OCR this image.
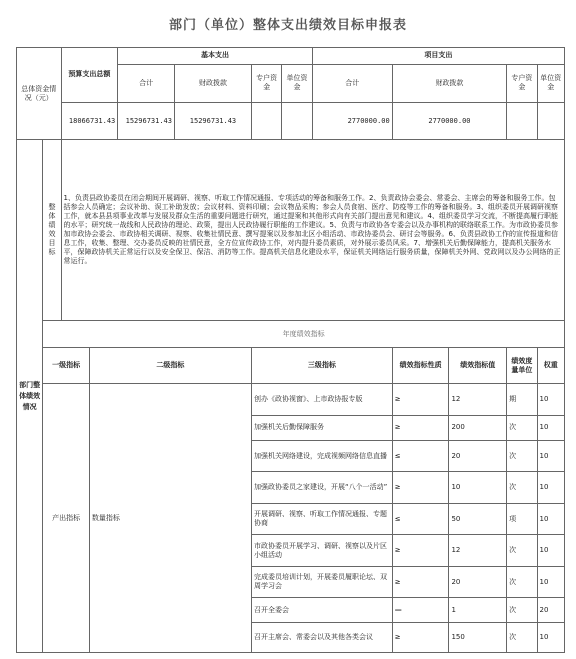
部门（单位）整体支出绩效目标申报表
总体资金情况（元）		预算支出总额		基本支出				项目支出				
				合计	财政拨款	专户资金	单位资金	合计	财政拨款		专户资金	单位资金
		18066731.43		15296731.43	15296731.43			2770000.00	2770000.00			
部门整体绩效情况	整体绩效目标	1、负责县政协委员在闭会期间开展调研、视察、听取工作情况通报、专项活动的筹备和服务工作。2、负责政协会委会、常委会、主席会的筹备和服务工作。包括参会人员确定；会议补助、误工补助发放；会议材料、资料印刷；会议物品采购；参会人员食宿、医疗、防疫等工作的筹备和服务。3、组织委员开展调研视察工作，就本县县项事业改革与发展及群众生活的重要问题进行研究，通过提案和其他形式向有关部门提出意见和建议。4、组织委员学习交流，不断提高履行职能的水平；研究统一战线和人民政协的理论、政策，提出人民政协履行职能的工作建议。5、负责与市政协各专委会以及办事机构的联络联系工作。为市政协委员参加市政协会委会、市政协相关调研、视察、收集社情民意、撰写提案以及参加北区小组活动、市政协委员会、研讨会等服务。6、负责县政协工作的宣传报道和信息工作，收集、整理、交办委员反映的社情民意，全方位宣传政协工作，对内提升委员素质，对外展示委员风采。7、增强机关后勤保障能力，提高机关服务水平，保障政协机关正常运行以及安全保卫、保洁、消防等工作。提高机关信息化建设水平，保证机关网络运行服务质量，保障机关外网、党政网以及办公网络的正常运行。										
	年度绩效指标											
	一级指标		二级指标			三级指标			绩效指标性质	绩效指标值	绩效度量单位	权重
	产出指标		数量指标			创办《政协视窗》、上市政协报专版			≥	12	期	10
						加强机关后勤保障服务			≥	200	次	10
						加强机关网络建设，完成视频网络信息直播			≤	20	次	10
						加强政协委员之家建设，开展“八个一活动”			≥	10	次	10
						开展调研、视察、听取工作情况通报、专题协商			≤	50	项	10
						市政协委员开展学习、调研、视察以及片区小组活动			≥	12	次	10
						完成委员培训计划，开展委员履职论坛、双周学习会			≥	20	次	10
						召开全委会			—	1	次	20
						召开主席会、常委会以及其他各类会议			≥	150	次	10
